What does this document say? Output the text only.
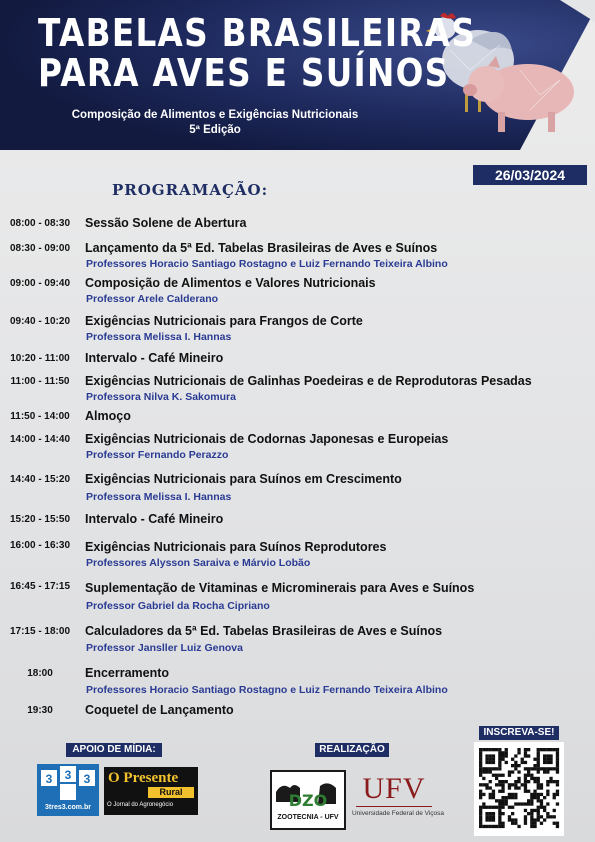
TABELAS BRASILEIRAS
PARA AVES E SUÍNOS
Composição de Alimentos e Exigências Nutricionais
5ª Edição
26/03/2024
PROGRAMAÇÃO:
08:00 - 08:30	Sessão Solene de Abertura
08:30 - 09:00	Lançamento da 5ª Ed. Tabelas Brasileiras de Aves e Suínos
Professores Horacio Santiago Rostagno e Luiz Fernando Teixeira Albino
09:00 - 09:40	Composição de Alimentos e Valores Nutricionais
Professor Arele Calderano
09:40 - 10:20	Exigências Nutricionais para Frangos de Corte
Professora Melissa I. Hannas
10:20 - 11:00	Intervalo - Café Mineiro
11:00 - 11:50	Exigências Nutricionais de Galinhas Poedeiras e de Reprodutoras Pesadas
Professora Nilva K. Sakomura
11:50 - 14:00	Almoço
14:00 - 14:40	Exigências Nutricionais de Codornas Japonesas e Europeias
Professor Fernando Perazzo
14:40 - 15:20	Exigências Nutricionais para Suínos em Crescimento
Professora Melissa I. Hannas
15:20 - 15:50	Intervalo - Café Mineiro
16:00 - 16:30	Exigências Nutricionais para Suínos Reprodutores
Professores Alysson Saraiva e Márvio Lobão
16:45 - 17:15	Suplementação de Vitaminas e Microminerais para Aves e Suínos
Professor Gabriel da Rocha Cipriano
17:15 - 18:00	Calculadores da 5ª Ed. Tabelas Brasileiras de Aves e Suínos
Professor Jansller Luiz Genova
18:00	Encerramento
Professores Horacio Santiago Rostagno e Luiz Fernando Teixeira Albino
19:30	Coquetel de Lançamento
APOIO DE MÍDIA:	REALIZAÇÃO
INSCREVA-SE!
3 3 3
3tres3.com.br
O Presente
Rural
O Jornal do Agronegócio	DZO
ZOOTECNIA - UFV
UFV
Universidade Federal de Viçosa
